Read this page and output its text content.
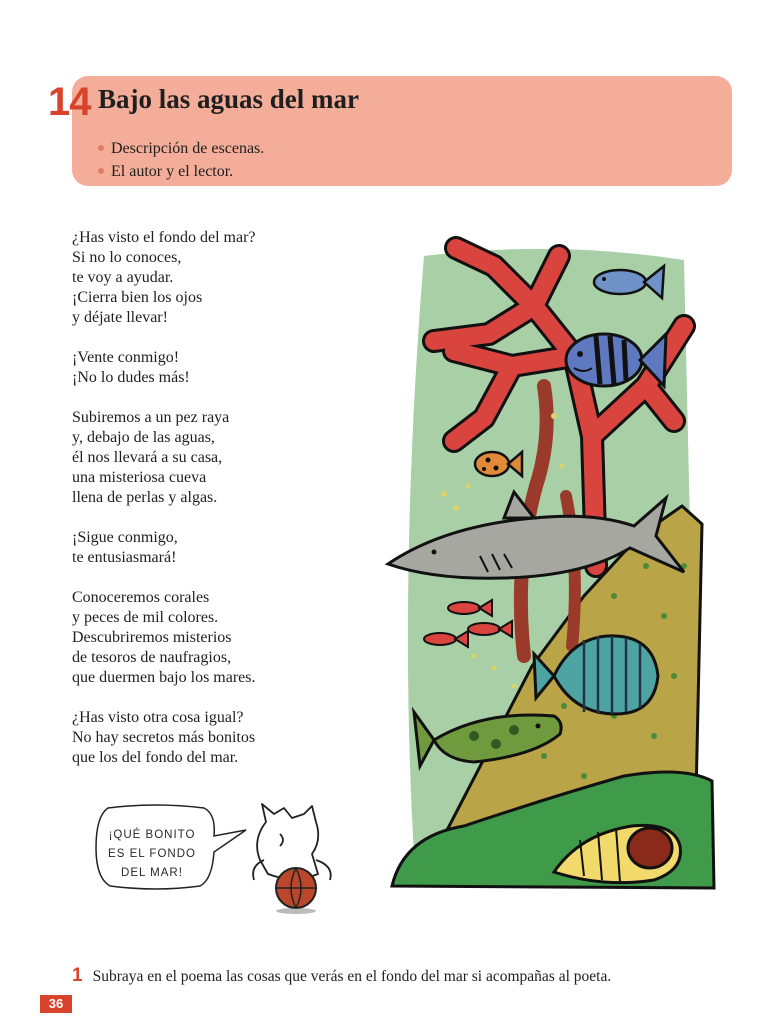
14 Bajo las aguas del mar
Descripción de escenas.
El autor y el lector.
¿Has visto el fondo del mar?
Si no lo conoces,
te voy a ayudar.
¡Cierra bien los ojos
y déjate llevar!
¡Vente conmigo!
¡No lo dudes más!
Subiremos a un pez raya
y, debajo de las aguas,
él nos llevará a su casa,
una misteriosa cueva
llena de perlas y algas.
¡Sigue conmigo,
te entusiasmará!
Conoceremos corales
y peces de mil colores.
Descubriremos misterios
de tesoros de naufragios,
que duermen bajo los mares.
¿Has visto otra cosa igual?
No hay secretos más bonitos
que los del fondo del mar.
¡QUÉ BONITO
ES EL FONDO
DEL MAR!
1 Subraya en el poema las cosas que verás en el fondo del mar si acompañas al poeta.
36
